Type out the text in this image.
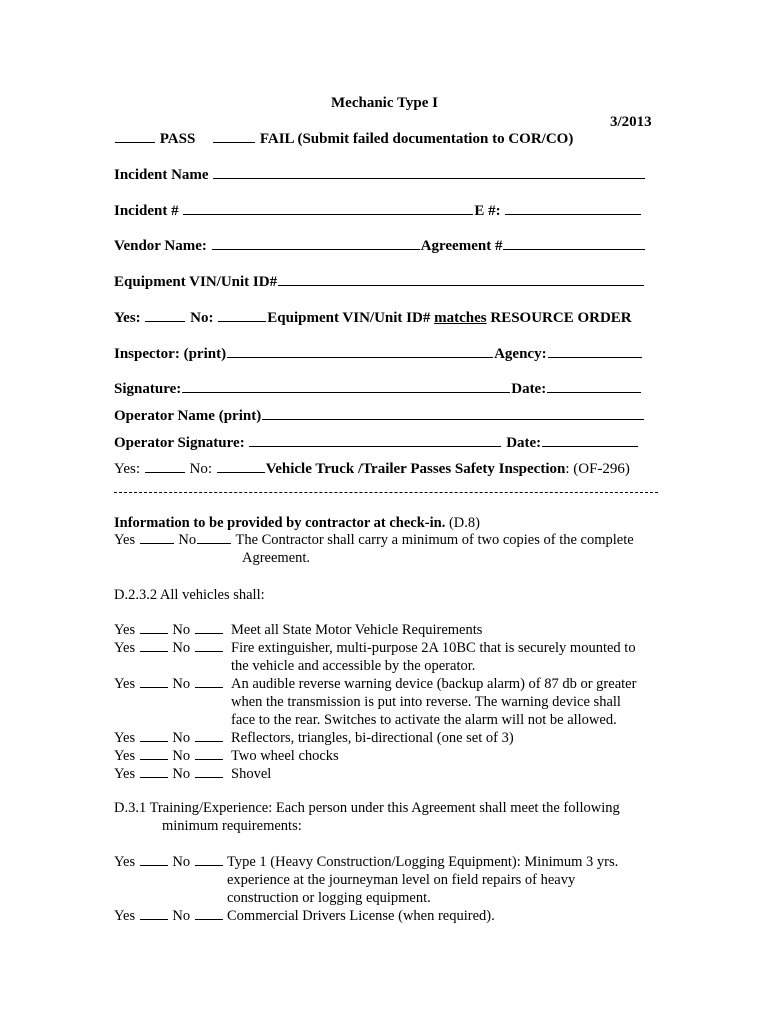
Mechanic Type I
3/2013
PASS	FAIL (Submit failed documentation to COR/CO)
Incident Name
Incident #	E #:
Vendor Name:	Agreement #
Equipment VIN/Unit ID#
Yes:	No:	Equipment VIN/Unit ID# matches RESOURCE ORDER
Inspector: (print)	Agency:
Signature:	Date:
Operator Name (print)
Operator Signature:	Date:
Yes:	No:	Vehicle Truck /Trailer Passes Safety Inspection: (OF-296)
Information to be provided by contractor at check-in. (D.8)
Yes	No	The Contractor shall carry a minimum of two copies of the complete
Agreement.
D.2.3.2 All vehicles shall:
Yes	No	Meet all State Motor Vehicle Requirements
Yes	No	Fire extinguisher, multi-purpose 2A 10BC that is securely mounted to
the vehicle and accessible by the operator.
Yes	No	An audible reverse warning device (backup alarm) of 87 db or greater
when the transmission is put into reverse. The warning device shall
face to the rear. Switches to activate the alarm will not be allowed.
Yes	No	Reflectors, triangles, bi-directional (one set of 3)
Yes	No	Two wheel chocks
Yes	No	Shovel
D.3.1 Training/Experience: Each person under this Agreement shall meet the following
minimum requirements:
Yes	No	Type 1 (Heavy Construction/Logging Equipment): Minimum 3 yrs.
experience at the journeyman level on field repairs of heavy
construction or logging equipment.
Yes	No	Commercial Drivers License (when required).
